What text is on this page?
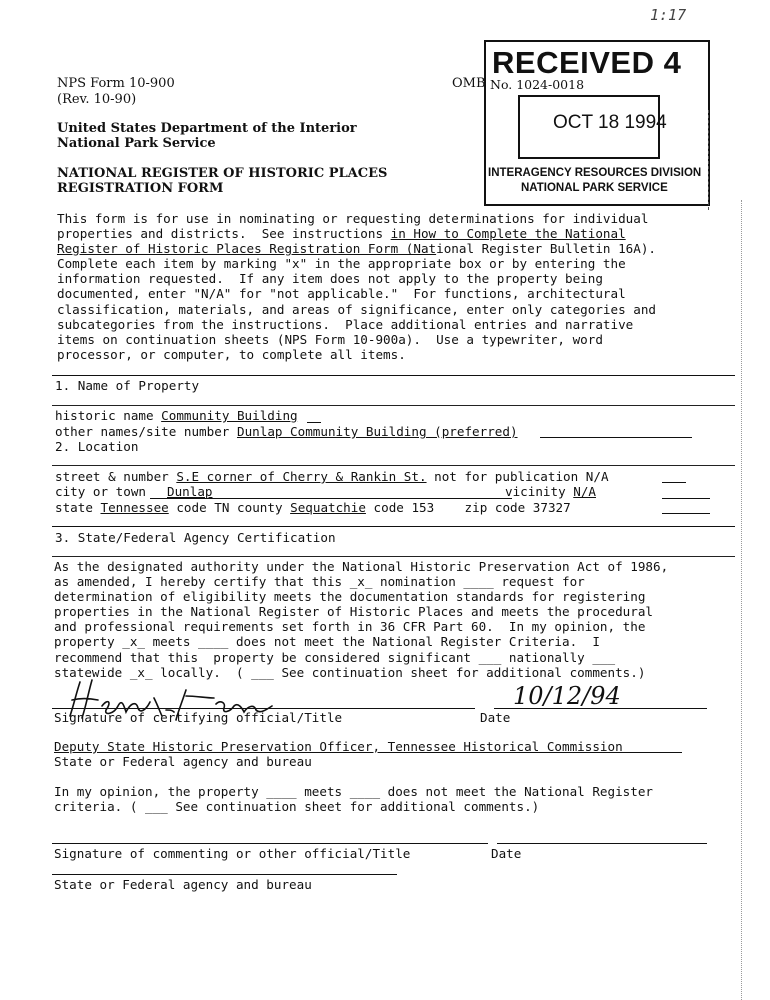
1:17
NPS Form 10-900
(Rev. 10-90)
OMB No. 1024-0018
United States Department of the Interior
National Park Service
NATIONAL REGISTER OF HISTORIC PLACES
REGISTRATION FORM
RECEIVED 4
OCT 18 1994
INTERAGENCY RESOURCES DIVISION
NATIONAL PARK SERVICE
This form is for use in nominating or requesting determinations for individual
properties and districts.  See instructions in How to Complete the National
Register of Historic Places Registration Form (National Register Bulletin 16A).
Complete each item by marking "x" in the appropriate box or by entering the
information requested.  If any item does not apply to the property being
documented, enter "N/A" for "not applicable."  For functions, architectural
classification, materials, and areas of significance, enter only categories and
subcategories from the instructions.  Place additional entries and narrative
items on continuation sheets (NPS Form 10-900a).  Use a typewriter, word
processor, or computer, to complete all items.
1. Name of Property
historic name Community Building
other names/site number Dunlap Community Building (preferred)
2. Location
street & number S.E corner of Cherry & Rankin St. not for publication N/A
city or town Dunlap	vicinity N/A
state Tennessee code TN county Sequatchie code 153 zip code 37327
3. State/Federal Agency Certification
As the designated authority under the National Historic Preservation Act of 1986,
as amended, I hereby certify that this _x_ nomination ____ request for
determination of eligibility meets the documentation standards for registering
properties in the National Register of Historic Places and meets the procedural
and professional requirements set forth in 36 CFR Part 60.  In my opinion, the
property _x_ meets ____ does not meet the National Register Criteria.  I
recommend that this  property be considered significant ___ nationally ___
statewide _x_ locally.  ( ___ See continuation sheet for additional comments.)
10/12/94
Signature of certifying official/Title	Date
Deputy State Historic Preservation Officer, Tennessee Historical Commission
State or Federal agency and bureau
In my opinion, the property ____ meets ____ does not meet the National Register
criteria. ( ___ See continuation sheet for additional comments.)
Signature of commenting or other official/Title	Date
State or Federal agency and bureau
